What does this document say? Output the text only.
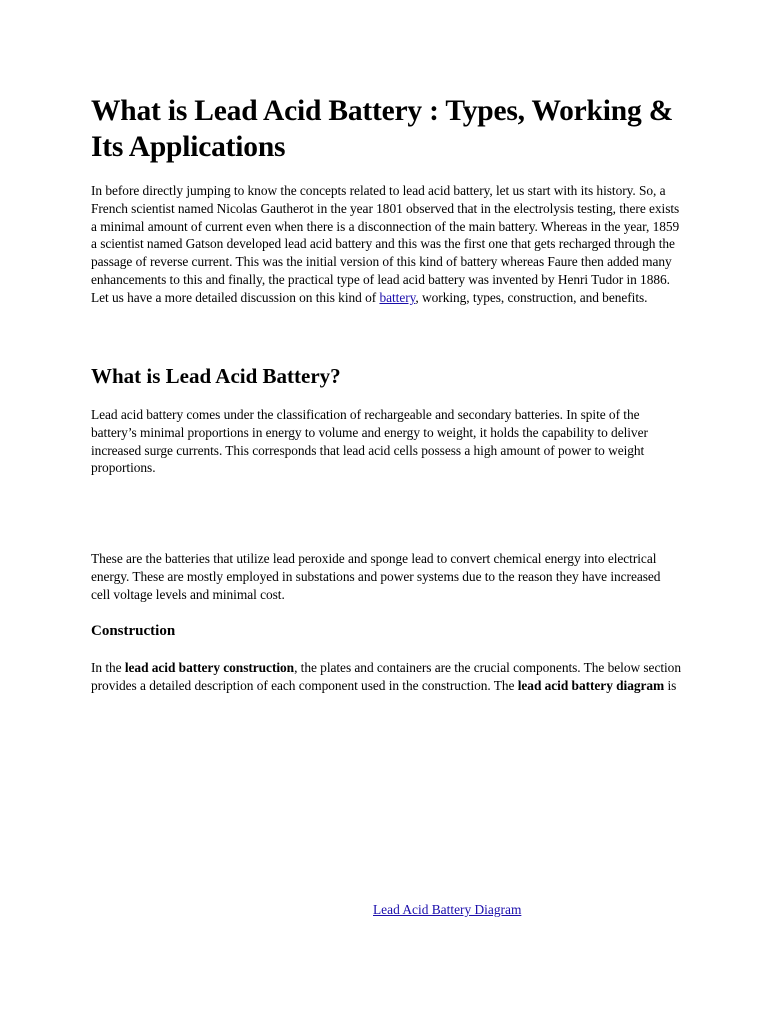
What is Lead Acid Battery : Types, Working & Its Applications

In before directly jumping to know the concepts related to lead acid battery, let us start with its history. So, a French scientist named Nicolas Gautherot in the year 1801 observed that in the electrolysis testing, there exists a minimal amount of current even when there is a disconnection of the main battery. Whereas in the year, 1859 a scientist named Gatson developed lead acid battery and this was the first one that gets recharged through the passage of reverse current. This was the initial version of this kind of battery whereas Faure then added many enhancements to this and finally, the practical type of lead acid battery was invented by Henri Tudor in 1886. Let us have a more detailed discussion on this kind of battery, working, types, construction, and benefits.

What is Lead Acid Battery?

Lead acid battery comes under the classification of rechargeable and secondary batteries. In spite of the battery’s minimal proportions in energy to volume and energy to weight, it holds the capability to deliver increased surge currents. This corresponds that lead acid cells possess a high amount of power to weight proportions.

These are the batteries that utilize lead peroxide and sponge lead to convert chemical energy into electrical energy. These are mostly employed in substations and power systems due to the reason they have increased cell voltage levels and minimal cost.

Construction

In the lead acid battery construction, the plates and containers are the crucial components. The below section provides a detailed description of each component used in the construction. The lead acid battery diagram is

Lead Acid Battery Diagram
